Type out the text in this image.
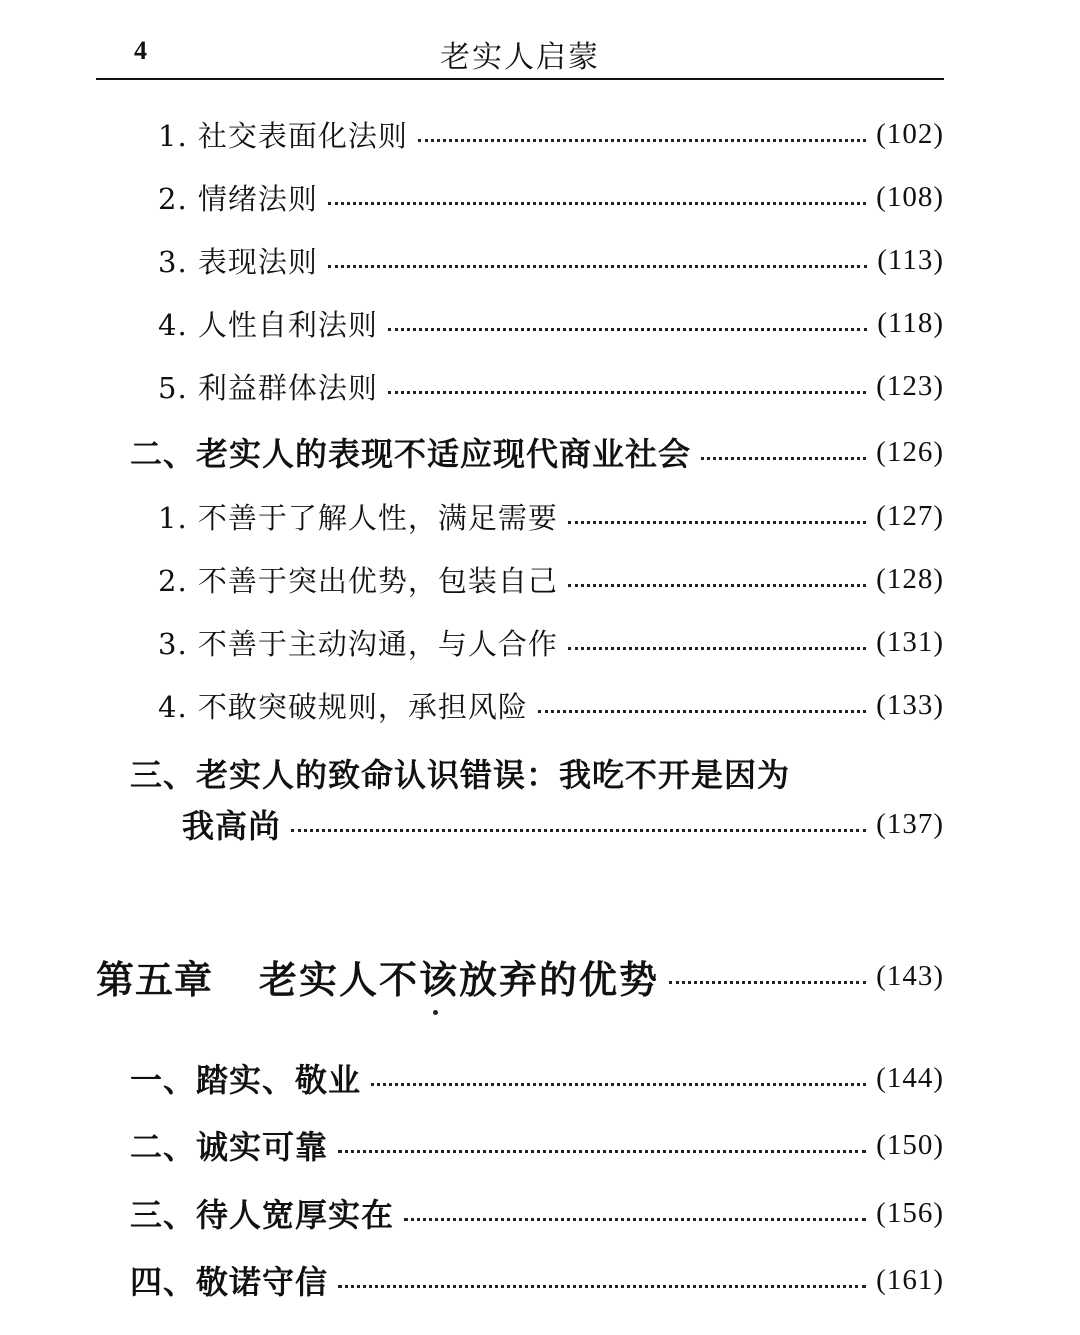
4	老实人启蒙
1. 社交表面化法则	(102)
2. 情绪法则	(108)
3. 表现法则	(113)
4. 人性自利法则	(118)
5. 利益群体法则	(123)
二、老实人的表现不适应现代商业社会	(126)
1. 不善于了解人性，满足需要	(127)
2. 不善于突出优势，包装自己	(128)
3. 不善于主动沟通，与人合作	(131)
4. 不敢突破规则，承担风险	(133)
三、老实人的致命认识错误：我吃不开是因为
我高尚	(137)
第五章 老实人不该放弃的优势	(143)
一、踏实、敬业	(144)
二、诚实可靠	(150)
三、待人宽厚实在	(156)
四、敬诺守信	(161)
